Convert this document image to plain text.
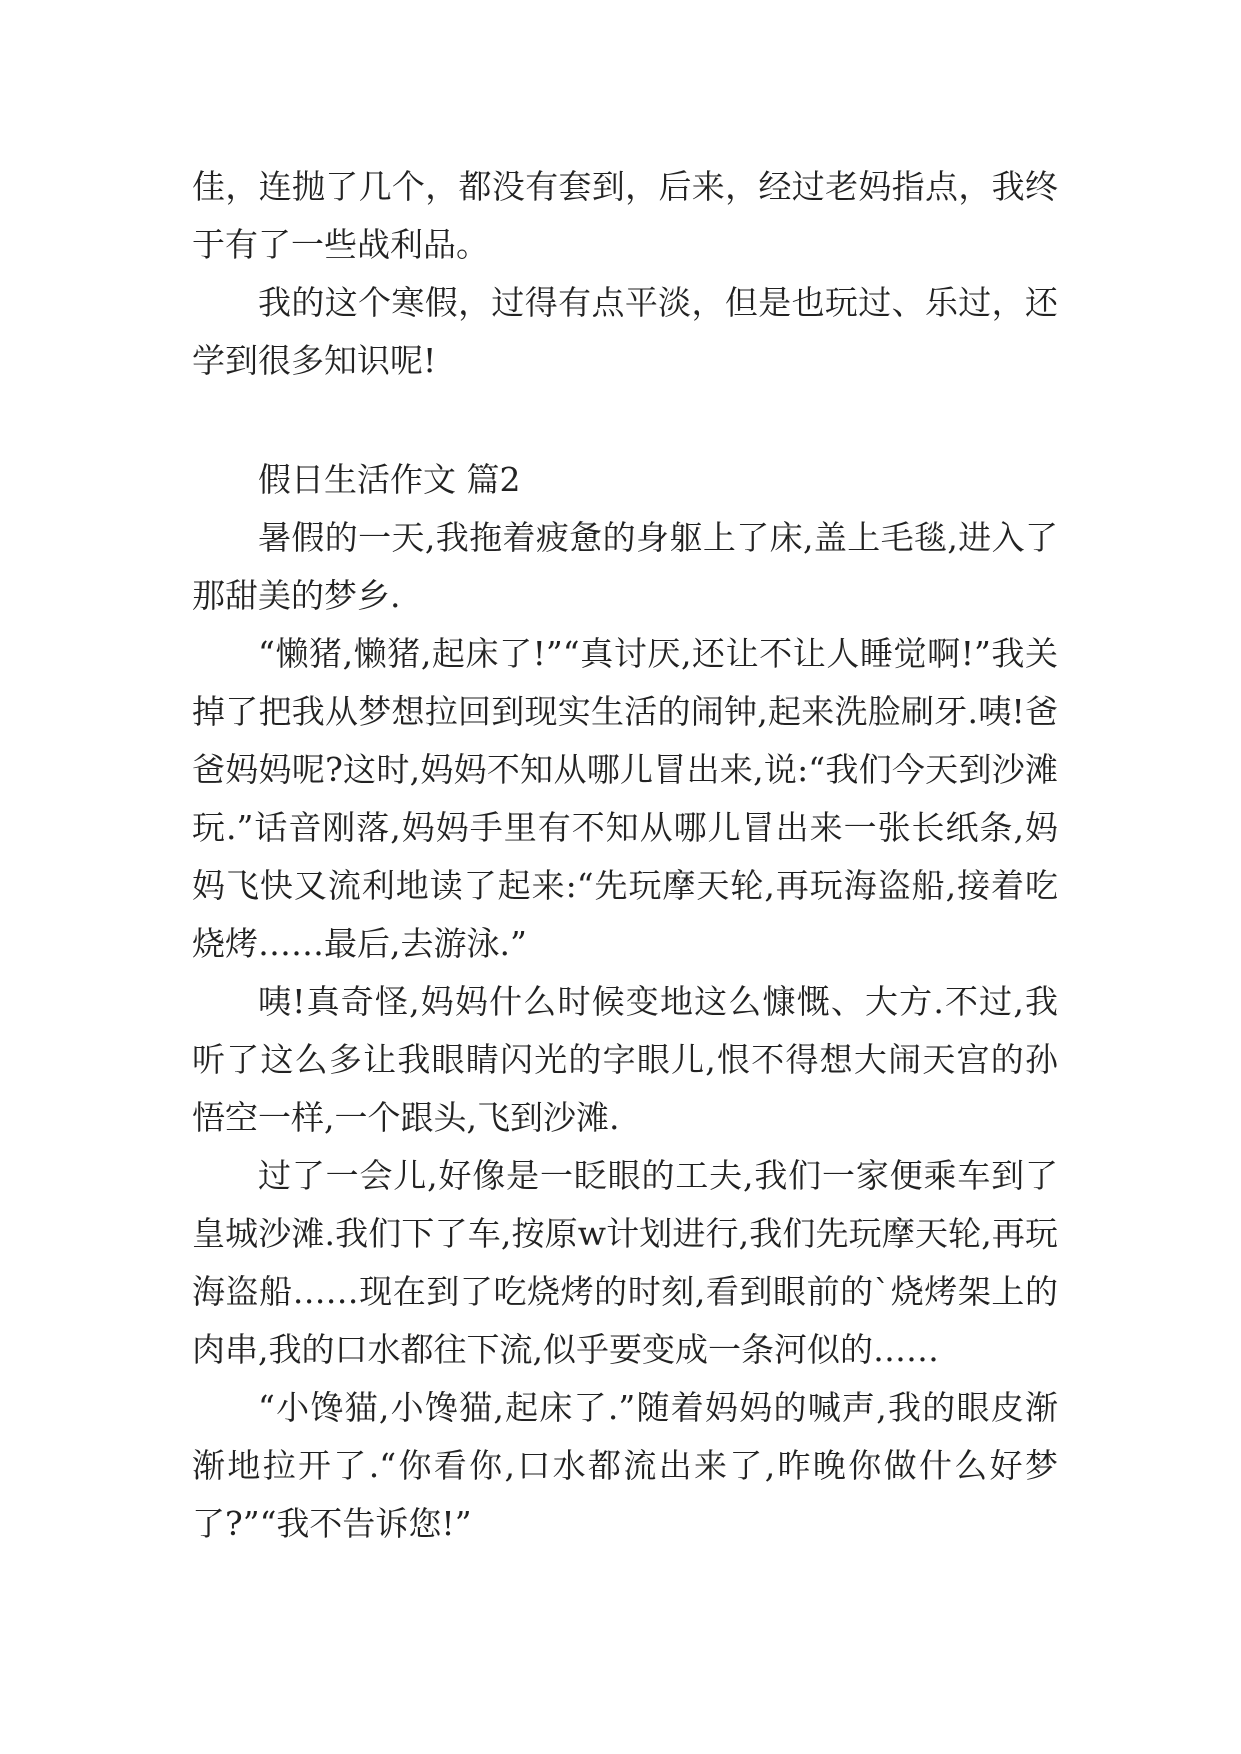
佳，连抛了几个，都没有套到，后来，经过老妈指点，我终于有了一些战利品。

我的这个寒假，过得有点平淡，但是也玩过、乐过，还学到很多知识呢!

假日生活作文 篇2

暑假的一天,我拖着疲惫的身躯上了床,盖上毛毯,进入了那甜美的梦乡.

“懒猪,懒猪,起床了!”“真讨厌,还让不让人睡觉啊!”我关掉了把我从梦想拉回到现实生活的闹钟,起来洗脸刷牙.咦!爸爸妈妈呢?这时,妈妈不知从哪儿冒出来,说:“我们今天到沙滩玩.”话音刚落,妈妈手里有不知从哪儿冒出来一张长纸条,妈妈飞快又流利地读了起来:“先玩摩天轮,再玩海盗船,接着吃烧烤……最后,去游泳.”

咦!真奇怪,妈妈什么时候变地这么慷慨、大方.不过,我听了这么多让我眼睛闪光的字眼儿,恨不得想大闹天宫的孙悟空一样,一个跟头,飞到沙滩.

过了一会儿,好像是一眨眼的工夫,我们一家便乘车到了皇城沙滩.我们下了车,按原w计划进行,我们先玩摩天轮,再玩海盗船……现在到了吃烧烤的时刻,看到眼前的`烧烤架上的肉串,我的口水都往下流,似乎要变成一条河似的……

“小馋猫,小馋猫,起床了.”随着妈妈的喊声,我的眼皮渐渐地拉开了.“你看你,口水都流出来了,昨晚你做什么好梦了?”“我不告诉您!”
